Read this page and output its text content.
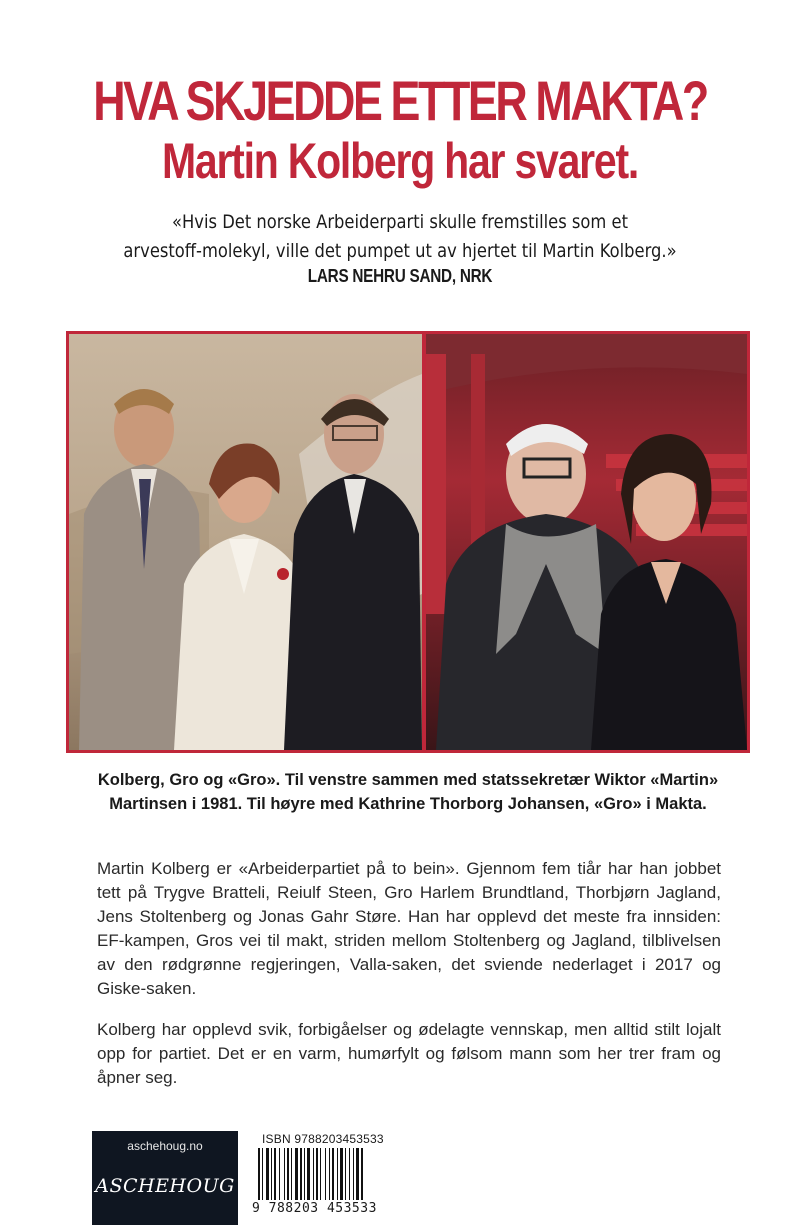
HVA SKJEDDE ETTER MAKTA?
Martin Kolberg har svaret.
«Hvis Det norske Arbeiderparti skulle fremstilles som et
arvestoff-molekyl, ville det pumpet ut av hjertet til Martin Kolberg.»
LARS NEHRU SAND, NRK
Kolberg, Gro og «Gro». Til venstre sammen med statssekretær Wiktor «Martin»
Martinsen i 1981. Til høyre med Kathrine Thorborg Johansen, «Gro» i Makta.

Martin Kolberg er «Arbeiderpartiet på to bein». Gjennom fem tiår har han jobbet tett på Trygve Bratteli, Reiulf Steen, Gro Harlem Brundtland, Thorbjørn Jagland, Jens Stoltenberg og Jonas Gahr Støre. Han har opplevd det meste fra innsiden: EF-kampen, Gros vei til makt, striden mellom Stoltenberg og Jagland, tilblivelsen av den rødgrønne regjeringen, Valla-saken, det sviende nederlaget i 2017 og Giske-saken.

Kolberg har opplevd svik, forbigåelser og ødelagte vennskap, men alltid stilt lojalt opp for partiet. Det er en varm, humørfylt og følsom mann som her trer fram og åpner seg.

aschehoug.no
ASCHEHOUG
ISBN 9788203453533
9 788203 453533
